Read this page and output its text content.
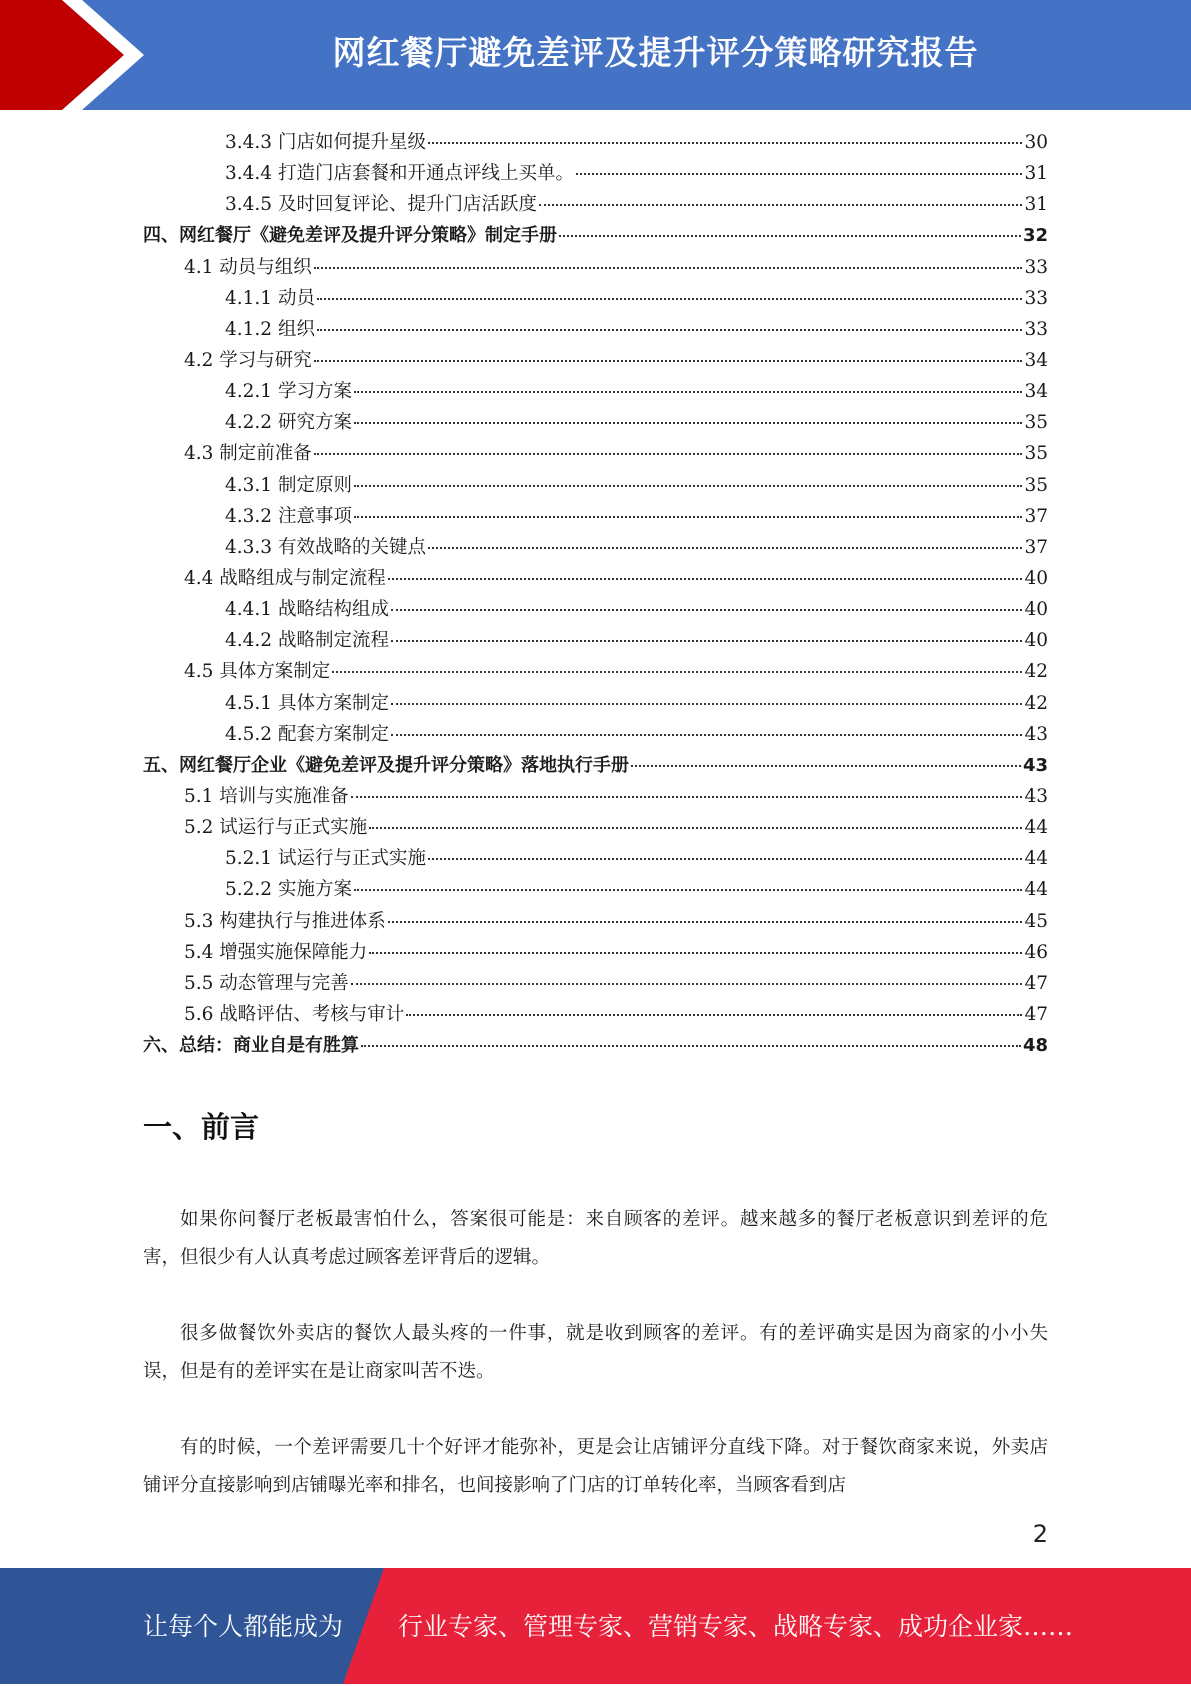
网红餐厅避免差评及提升评分策略研究报告
3.4.3 门店如何提升星级	30
3.4.4 打造门店套餐和开通点评线上买单。	31
3.4.5 及时回复评论、提升门店活跃度	31
四、网红餐厅《避免差评及提升评分策略》制定手册	32
4.1 动员与组织	33
4.1.1 动员	33
4.1.2 组织	33
4.2 学习与研究	34
4.2.1 学习方案	34
4.2.2 研究方案	35
4.3 制定前准备	35
4.3.1 制定原则	35
4.3.2 注意事项	37
4.3.3 有效战略的关键点	37
4.4 战略组成与制定流程	40
4.4.1 战略结构组成	40
4.4.2 战略制定流程	40
4.5 具体方案制定	42
4.5.1 具体方案制定	42
4.5.2 配套方案制定	43
五、网红餐厅企业《避免差评及提升评分策略》落地执行手册	43
5.1 培训与实施准备	43
5.2 试运行与正式实施	44
5.2.1 试运行与正式实施	44
5.2.2 实施方案	44
5.3 构建执行与推进体系	45
5.4 增强实施保障能力	46
5.5 动态管理与完善	47
5.6 战略评估、考核与审计	47
六、总结：商业自是有胜算	48
一、前言

如果你问餐厅老板最害怕什么，答案很可能是：来自顾客的差评。越来越多的餐厅老板意识到差评的危害，但很少有人认真考虑过顾客差评背后的逻辑。

很多做餐饮外卖店的餐饮人最头疼的一件事，就是收到顾客的差评。有的差评确实是因为商家的小小失误，但是有的差评实在是让商家叫苦不迭。

有的时候，一个差评需要几十个好评才能弥补，更是会让店铺评分直线下降。对于餐饮商家来说，外卖店铺评分直接影响到店铺曝光率和排名，也间接影响了门店的订单转化率，当顾客看到店

2
让每个人都能成为 行业专家、管理专家、营销专家、战略专家、成功企业家……
